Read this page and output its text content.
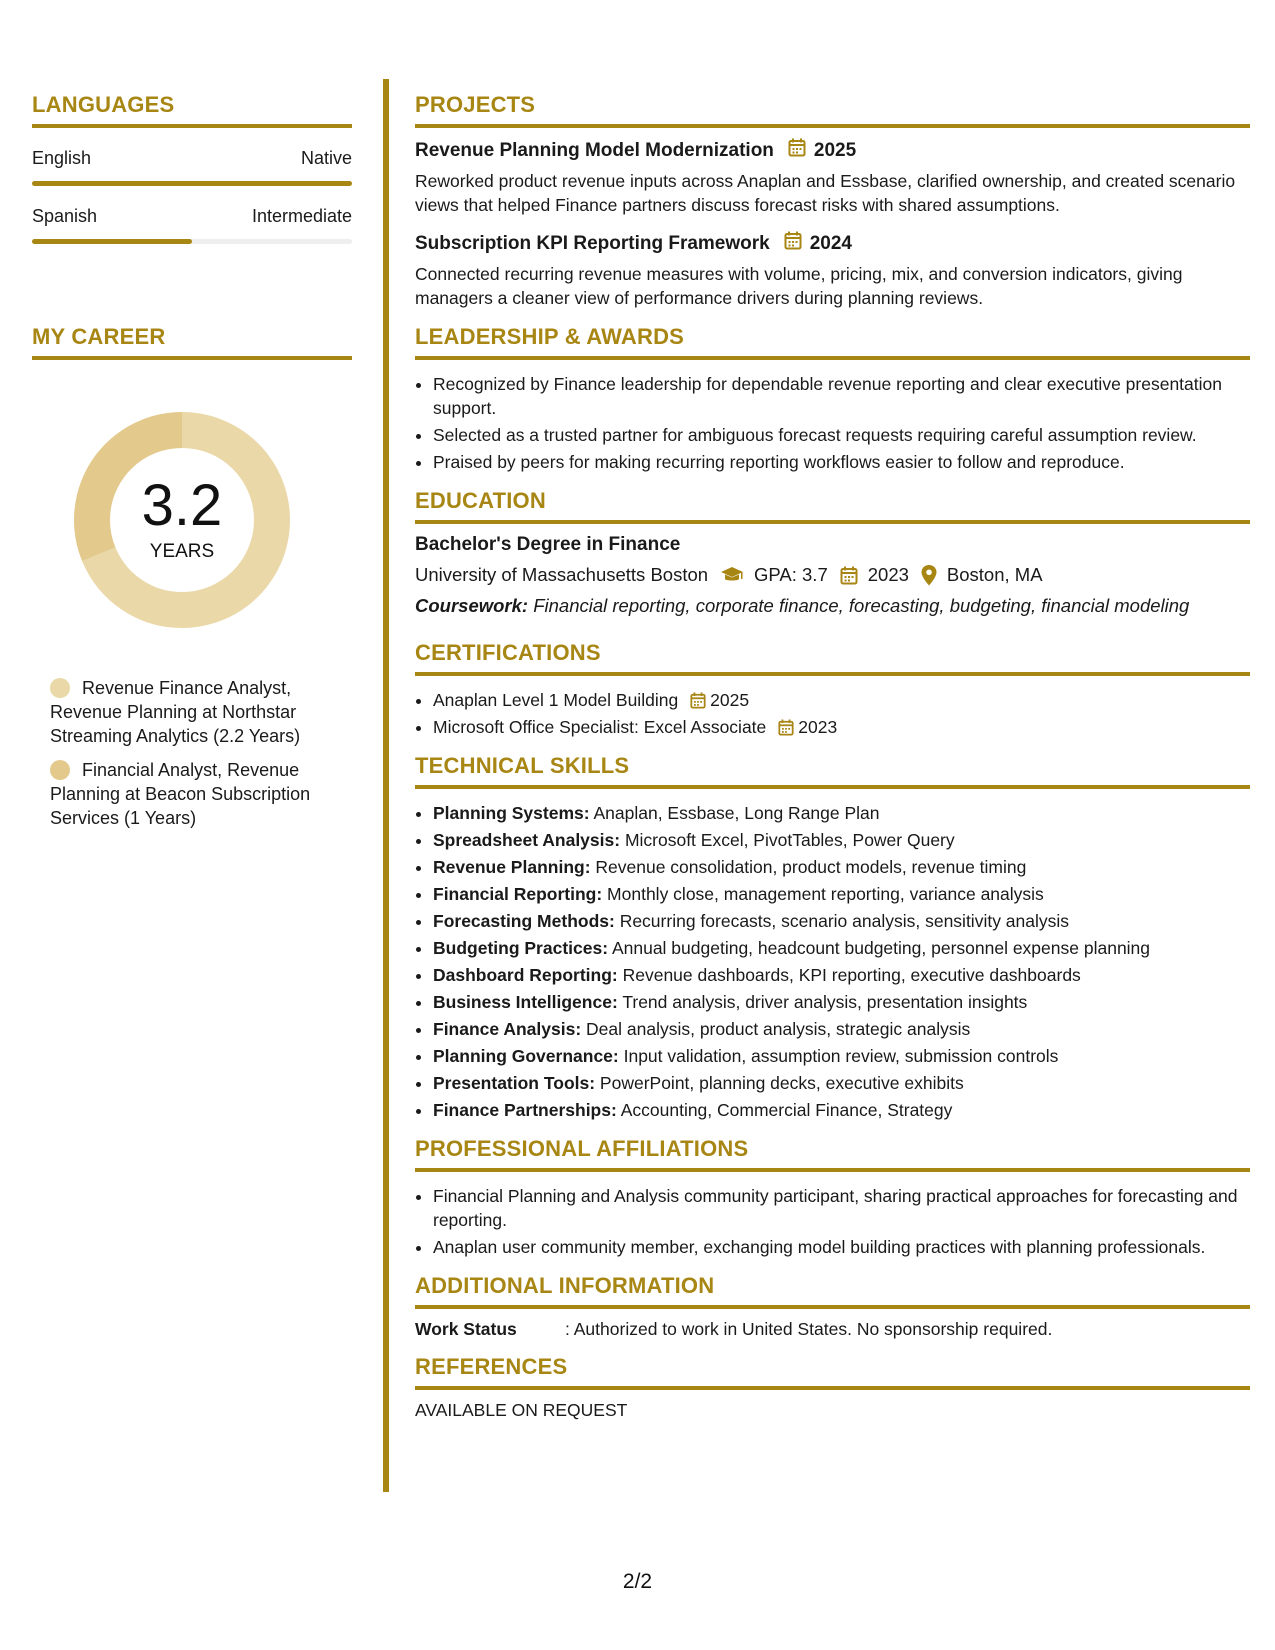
LANGUAGES
English	Native
Spanish	Intermediate
MY CAREER
3.2
YEARS
Revenue Finance Analyst, Revenue Planning at Northstar Streaming Analytics (2.2 Years)
Financial Analyst, Revenue Planning at Beacon Subscription Services (1 Years)
PROJECTS
Revenue Planning Model Modernization 2025
Reworked product revenue inputs across Anaplan and Essbase, clarified ownership, and created scenario views that helped Finance partners discuss forecast risks with shared assumptions.
Subscription KPI Reporting Framework 2024
Connected recurring revenue measures with volume, pricing, mix, and conversion indicators, giving managers a cleaner view of performance drivers during planning reviews.
LEADERSHIP & AWARDS
• Recognized by Finance leadership for dependable revenue reporting and clear executive presentation support.
• Selected as a trusted partner for ambiguous forecast requests requiring careful assumption review.
• Praised by peers for making recurring reporting workflows easier to follow and reproduce.
EDUCATION
Bachelor's Degree in Finance
University of Massachusetts Boston GPA: 3.7 2023 Boston, MA
Coursework: Financial reporting, corporate finance, forecasting, budgeting, financial modeling
CERTIFICATIONS
• Anaplan Level 1 Model Building 2025
• Microsoft Office Specialist: Excel Associate 2023
TECHNICAL SKILLS
• Planning Systems: Anaplan, Essbase, Long Range Plan
• Spreadsheet Analysis: Microsoft Excel, PivotTables, Power Query
• Revenue Planning: Revenue consolidation, product models, revenue timing
• Financial Reporting: Monthly close, management reporting, variance analysis
• Forecasting Methods: Recurring forecasts, scenario analysis, sensitivity analysis
• Budgeting Practices: Annual budgeting, headcount budgeting, personnel expense planning
• Dashboard Reporting: Revenue dashboards, KPI reporting, executive dashboards
• Business Intelligence: Trend analysis, driver analysis, presentation insights
• Finance Analysis: Deal analysis, product analysis, strategic analysis
• Planning Governance: Input validation, assumption review, submission controls
• Presentation Tools: PowerPoint, planning decks, executive exhibits
• Finance Partnerships: Accounting, Commercial Finance, Strategy
PROFESSIONAL AFFILIATIONS
• Financial Planning and Analysis community participant, sharing practical approaches for forecasting and reporting.
• Anaplan user community member, exchanging model building practices with planning professionals.
ADDITIONAL INFORMATION
Work Status	: Authorized to work in United States. No sponsorship required.
REFERENCES
AVAILABLE ON REQUEST
2/2
